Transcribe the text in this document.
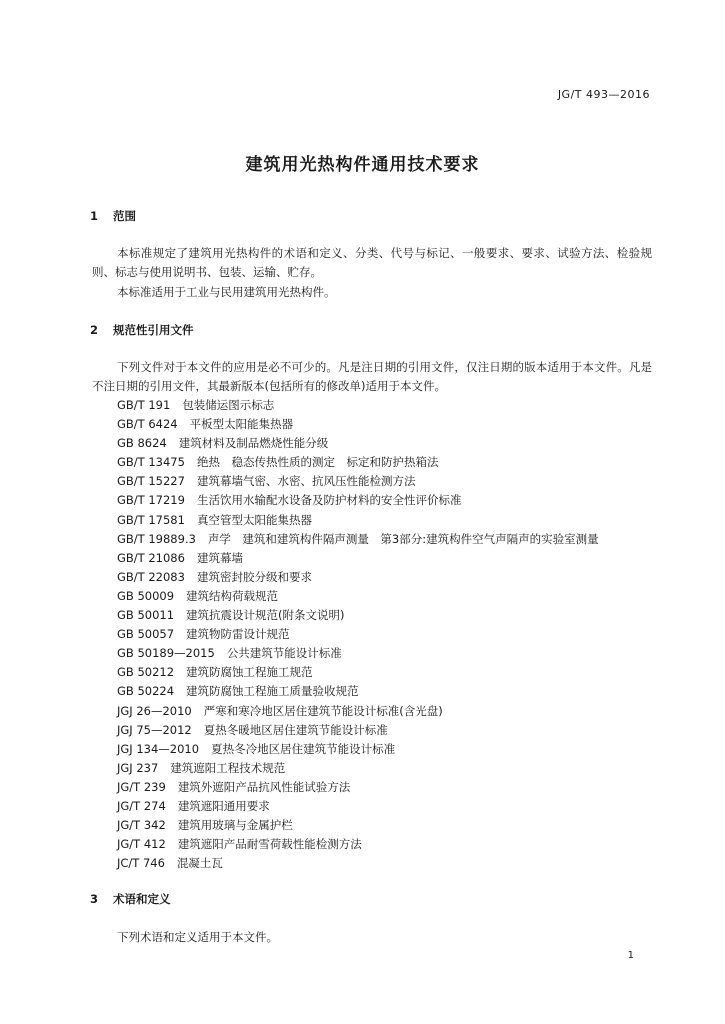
JG/T 493—2016
建筑用光热构件通用技术要求
1 范围

本标准规定了建筑用光热构件的术语和定义、分类、代号与标记、一般要求、要求、试验方法、检验规则、标志与使用说明书、包装、运输、贮存。

本标准适用于工业与民用建筑用光热构件。

2 规范性引用文件

下列文件对于本文件的应用是必不可少的。凡是注日期的引用文件，仅注日期的版本适用于本文件。凡是不注日期的引用文件，其最新版本(包括所有的修改单)适用于本文件。

GB/T 191 包装储运图示标志
GB/T 6424 平板型太阳能集热器
GB 8624 建筑材料及制品燃烧性能分级
GB/T 13475 绝热　稳态传热性质的测定　标定和防护热箱法
GB/T 15227 建筑幕墙气密、水密、抗风压性能检测方法
GB/T 17219 生活饮用水输配水设备及防护材料的安全性评价标准
GB/T 17581 真空管型太阳能集热器
GB/T 19889.3 声学　建筑和建筑构件隔声测量　第3部分:建筑构件空气声隔声的实验室测量
GB/T 21086 建筑幕墙
GB/T 22083 建筑密封胶分级和要求
GB 50009 建筑结构荷载规范
GB 50011 建筑抗震设计规范(附条文说明)
GB 50057 建筑物防雷设计规范
GB 50189—2015 公共建筑节能设计标准
GB 50212 建筑防腐蚀工程施工规范
GB 50224 建筑防腐蚀工程施工质量验收规范
JGJ 26—2010 严寒和寒冷地区居住建筑节能设计标准(含光盘)
JGJ 75—2012 夏热冬暖地区居住建筑节能设计标准
JGJ 134—2010 夏热冬冷地区居住建筑节能设计标准
JGJ 237 建筑遮阳工程技术规范
JG/T 239 建筑外遮阳产品抗风性能试验方法
JG/T 274 建筑遮阳通用要求
JG/T 342 建筑用玻璃与金属护栏
JG/T 412 建筑遮阳产品耐雪荷载性能检测方法
JC/T 746 混凝土瓦
3 术语和定义

下列术语和定义适用于本文件。

1
